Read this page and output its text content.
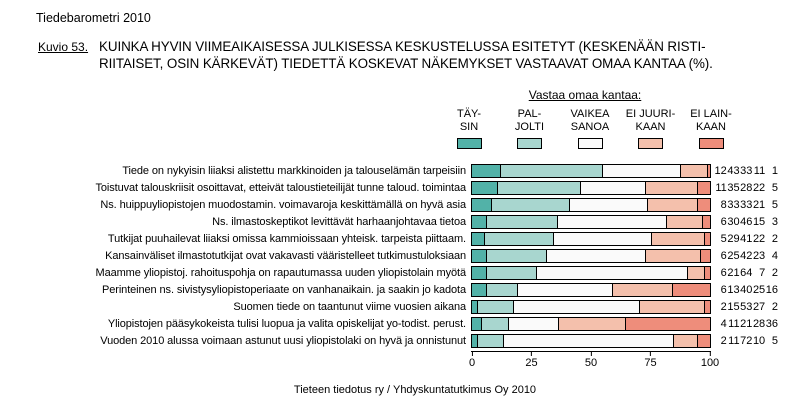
Tiedebarometri 2010
Kuvio 53. KUINKA HYVIN VIIMEAIKAISESSA JULKISESSA KESKUSTELUSSA ESITETYT (KESKENÄÄN RISTI-
RIITAISET, OSIN KÄRKEVÄT) TIEDETTÄ KOSKEVAT NÄKEMYKSET VASTAAVAT OMAA KANTAA (%).
Vastaa omaa kantaa:
TÄY-
SIN
PAL-
JOLTI
VAIKEA
SANOA
EI JUURI-
KAAN
EI LAIN-
KAAN
Tiede on nykyisin liiaksi alistettu markkinoiden ja talouselämän tarpeisiin	12 43 33 11 1
Toistuvat talouskriisit osoittavat, etteivät taloustieteilijät tunne taloud. toimintaa	11 35 28 22 5
Ns. huippuyliopistojen muodostamin. voimavaroja keskittämällä on hyvä asia	8 33 33 21 5
Ns. ilmastoskeptikot levittävät harhaanjohtavaa tietoa	6 30 46 15 3
Tutkijat puuhailevat liiaksi omissa kammioissaan yhteisk. tarpeista piittaam.	5 29 41 22 2
Kansainväliset ilmastotutkijat ovat vakavasti vääristelleet tutkimustuloksiaan	6 25 42 23 4
Maamme yliopistoj. rahoituspohja on rapautumassa uuden yliopistolain myötä	6 21 64 7 2
Perinteinen ns. sivistysyliopistoperiaate on vanhanaikain. ja saakin jo kadota	6 13 40 25 16
Suomen tiede on taantunut viime vuosien aikana	2 15 53 27 2
Yliopistojen pääsykokeista tulisi luopua ja valita opiskelijat yo-todist. perust.	4 11 21 28 36
Vuoden 2010 alussa voimaan astunut uusi yliopistolaki on hyvä ja onnistunut	2 11 72 10 5
0	25	50	75	100
Tieteen tiedotus ry / Yhdyskuntatutkimus Oy 2010
